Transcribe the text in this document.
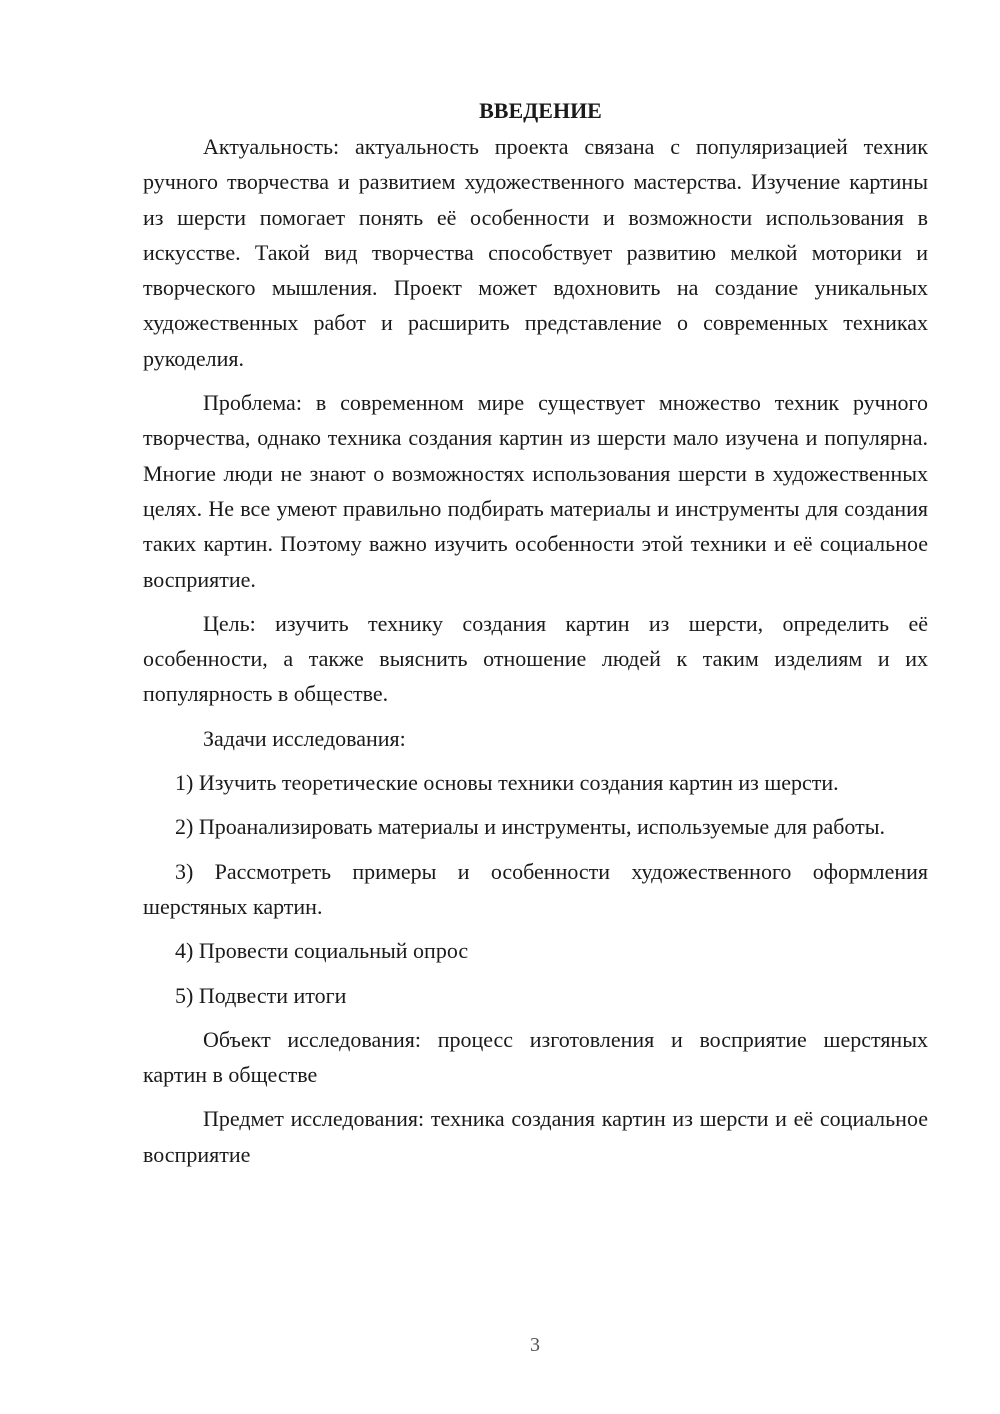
ВВЕДЕНИЕ

Актуальность: актуальность проекта связана с популяризацией техник ручного творчества и развитием художественного мастерства. Изучение картины из шерсти помогает понять её особенности и возможности использования в искусстве. Такой вид творчества способствует развитию мелкой моторики и творческого мышления. Проект может вдохновить на создание уникальных художественных работ и расширить представление о современных техниках рукоделия.

Проблема: в современном мире существует множество техник ручного творчества, однако техника создания картин из шерсти мало изучена и популярна. Многие люди не знают о возможностях использования шерсти в художественных целях. Не все умеют правильно подбирать материалы и инструменты для создания таких картин. Поэтому важно изучить особенности этой техники и её социальное восприятие.

Цель: изучить технику создания картин из шерсти, определить её особенности, а также выяснить отношение людей к таким изделиям и их популярность в обществе.

Задачи исследования:

1) Изучить теоретические основы техники создания картин из шерсти.

2) Проанализировать материалы и инструменты, используемые для работы.

3) Рассмотреть примеры и особенности художественного оформления шерстяных картин.

4) Провести социальный опрос

5) Подвести итоги

Объект исследования: процесс изготовления и восприятие шерстяных картин в обществе

Предмет исследования: техника создания картин из шерсти и её социальное восприятие

3
